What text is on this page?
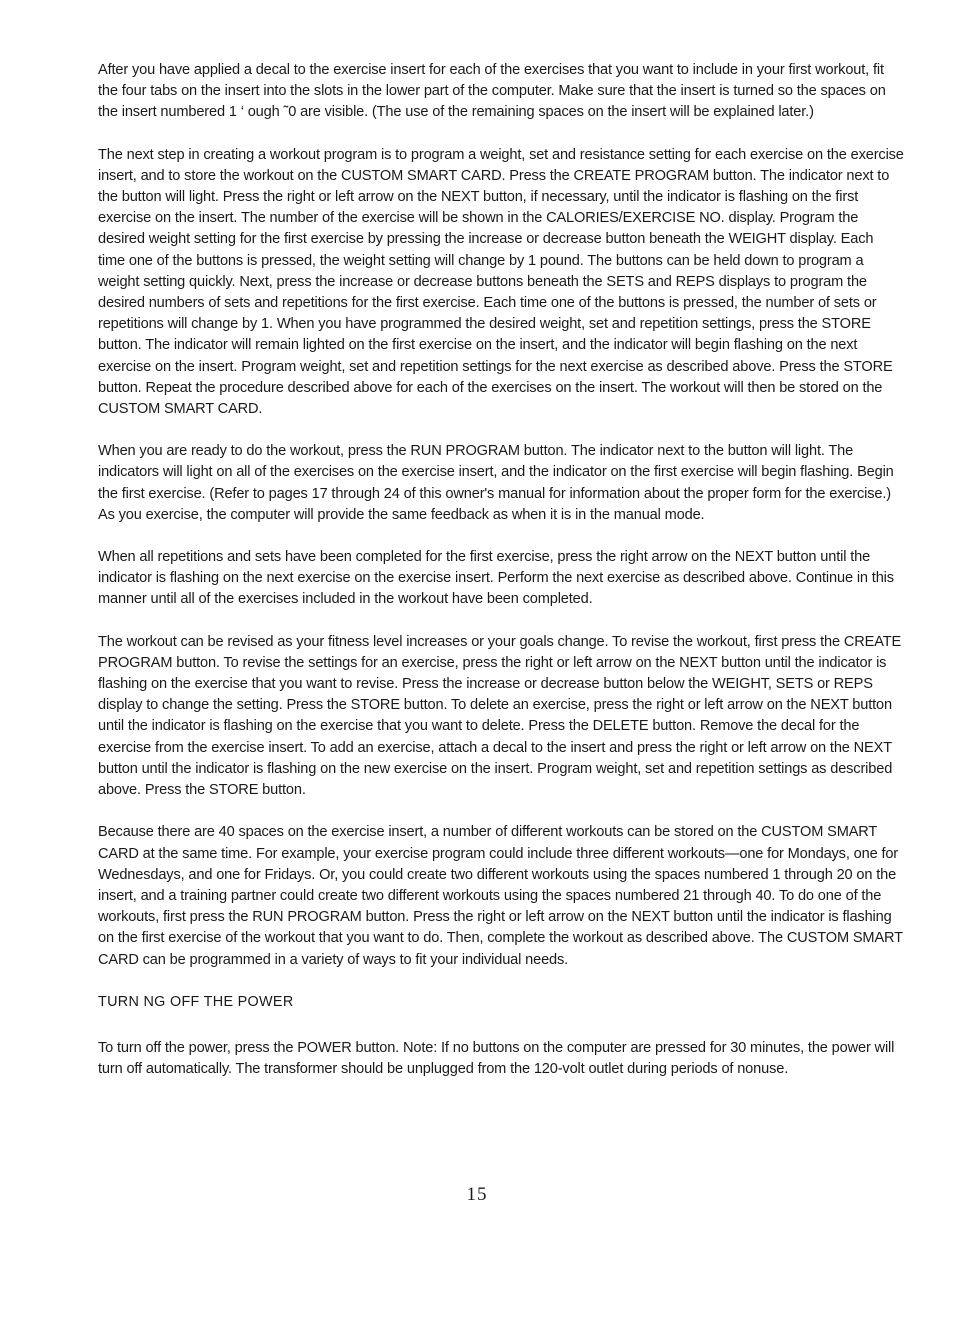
After you have applied a decal to the exercise insert for each of the exercises that you want to include in your first workout, fit the four tabs on the insert into the slots in the lower part of the computer. Make sure that the insert is turned so the spaces on the insert numbered 1 ‘ ough ˜0 are visible. (The use of the remaining spaces on the insert will be explained later.)

The next step in creating a workout program is to program a weight, set and resistance setting for each exercise on the exercise insert, and to store the workout on the CUSTOM SMART CARD. Press the CREATE PROGRAM button. The indicator next to the button will light. Press the right or left arrow on the NEXT button, if necessary, until the indicator is flashing on the first exercise on the insert. The number of the exercise will be shown in the CALORIES/EXERCISE NO. display. Program the desired weight setting for the first exercise by pressing the increase or decrease button beneath the WEIGHT display. Each time one of the buttons is pressed, the weight setting will change by 1 pound. The buttons can be held down to program a weight setting quickly. Next, press the increase or decrease buttons beneath the SETS and REPS displays to program the desired numbers of sets and repetitions for the first exercise. Each time one of the buttons is pressed, the number of sets or repetitions will change by 1. When you have programmed the desired weight, set and repetition settings, press the STORE button. The indicator will remain lighted on the first exercise on the insert, and the indicator will begin flashing on the next exercise on the insert. Program weight, set and repetition settings for the next exercise as described above. Press the STORE button. Repeat the procedure described above for each of the exercises on the insert. The workout will then be stored on the CUSTOM SMART CARD.

When you are ready to do the workout, press the RUN PROGRAM button. The indicator next to the button will light. The indicators will light on all of the exercises on the exercise insert, and the indicator on the first exercise will begin flashing. Begin the first exercise. (Refer to pages 17 through 24 of this owner's manual for information about the proper form for the exercise.) As you exercise, the computer will provide the same feedback as when it is in the manual mode.

When all repetitions and sets have been completed for the first exercise, press the right arrow on the NEXT button until the indicator is flashing on the next exercise on the exercise insert. Perform the next exercise as described above. Continue in this manner until all of the exercises included in the workout have been completed.

The workout can be revised as your fitness level increases or your goals change. To revise the workout, first press the CREATE PROGRAM button. To revise the settings for an exercise, press the right or left arrow on the NEXT button until the indicator is flashing on the exercise that you want to revise. Press the increase or decrease button below the WEIGHT, SETS or REPS display to change the setting. Press the STORE button. To delete an exercise, press the right or left arrow on the NEXT button until the indicator is flashing on the exercise that you want to delete. Press the DELETE button. Remove the decal for the exercise from the exercise insert. To add an exercise, attach a decal to the insert and press the right or left arrow on the NEXT button until the indicator is flashing on the new exercise on the insert. Program weight, set and repetition settings as described above. Press the STORE button.

Because there are 40 spaces on the exercise insert, a number of different workouts can be stored on the CUSTOM SMART CARD at the same time. For example, your exercise program could include three different workouts—one for Mondays, one for Wednesdays, and one for Fridays. Or, you could create two different workouts using the spaces numbered 1 through 20 on the insert, and a training partner could create two different workouts using the spaces numbered 21 through 40. To do one of the workouts, first press the RUN PROGRAM button. Press the right or left arrow on the NEXT button until the indicator is flashing on the first exercise of the workout that you want to do. Then, complete the workout as described above. The CUSTOM SMART CARD can be programmed in a variety of ways to fit your individual needs.

TURN NG OFF THE POWER

To turn off the power, press the POWER button. Note: If no buttons on the computer are pressed for 30 minutes, the power will turn off automatically. The transformer should be unplugged from the 120-volt outlet during periods of nonuse.

15
